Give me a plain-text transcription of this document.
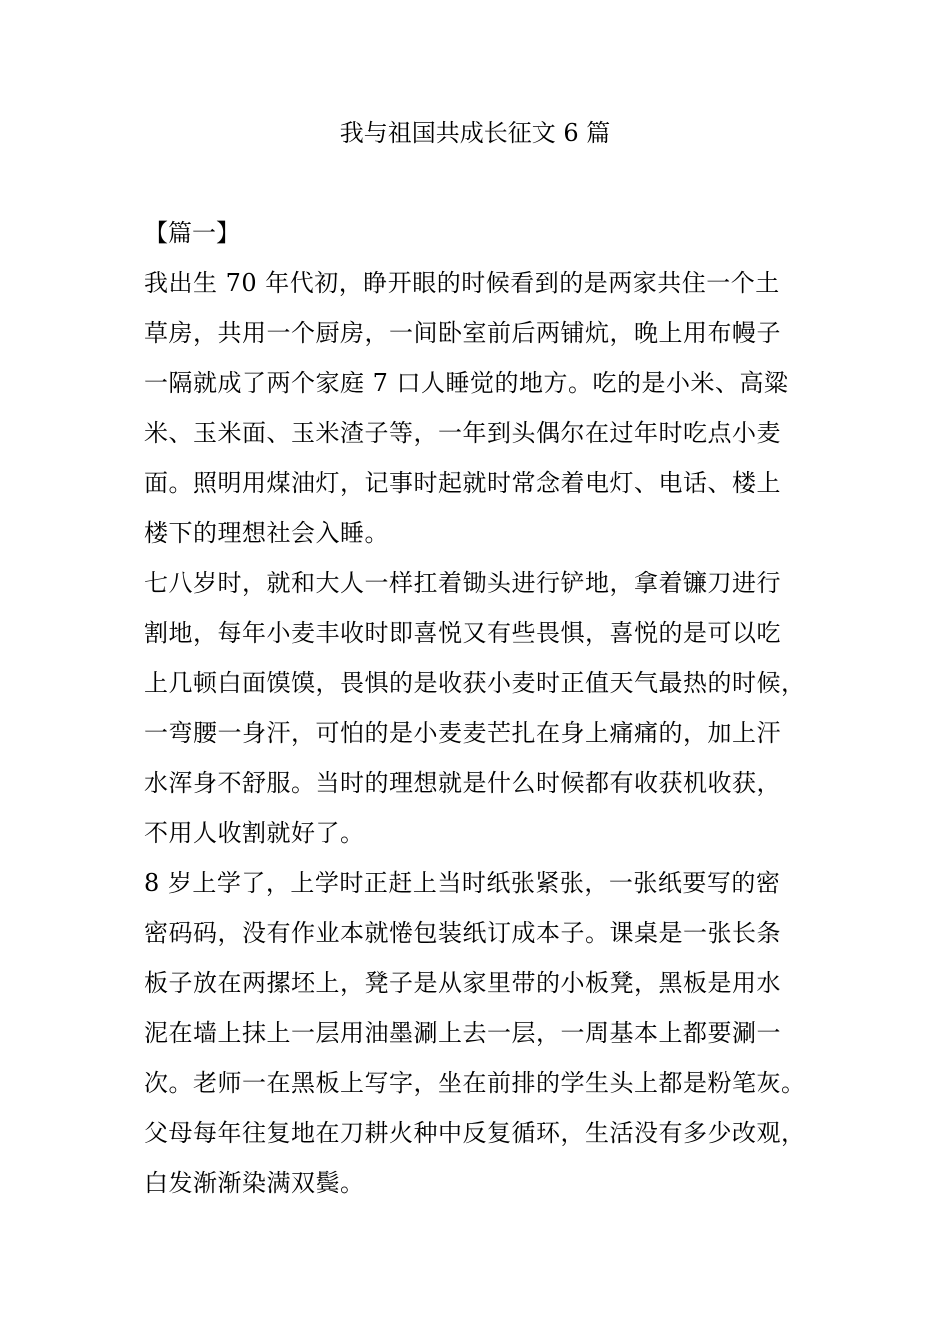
我与祖国共成长征文 6 篇
【篇一】
我出生 70 年代初，睁开眼的时候看到的是两家共住一个土
草房，共用一个厨房，一间卧室前后两铺炕，晚上用布幔子
一隔就成了两个家庭 7 口人睡觉的地方。吃的是小米、高粱
米、玉米面、玉米渣子等，一年到头偶尔在过年时吃点小麦
面。照明用煤油灯，记事时起就时常念着电灯、电话、楼上
楼下的理想社会入睡。
七八岁时，就和大人一样扛着锄头进行铲地，拿着镰刀进行
割地，每年小麦丰收时即喜悦又有些畏惧，喜悦的是可以吃
上几顿白面馍馍，畏惧的是收获小麦时正值天气最热的时候，
一弯腰一身汗，可怕的是小麦麦芒扎在身上痛痛的，加上汗
水浑身不舒服。当时的理想就是什么时候都有收获机收获，
不用人收割就好了。
8 岁上学了，上学时正赶上当时纸张紧张，一张纸要写的密
密码码，没有作业本就惓包装纸订成本子。课桌是一张长条
板子放在两摞坯上，凳子是从家里带的小板凳，黑板是用水
泥在墙上抹上一层用油墨涮上去一层，一周基本上都要涮一
次。老师一在黑板上写字，坐在前排的学生头上都是粉笔灰。
父母每年往复地在刀耕火种中反复循环，生活没有多少改观，
白发渐渐染满双鬓。
